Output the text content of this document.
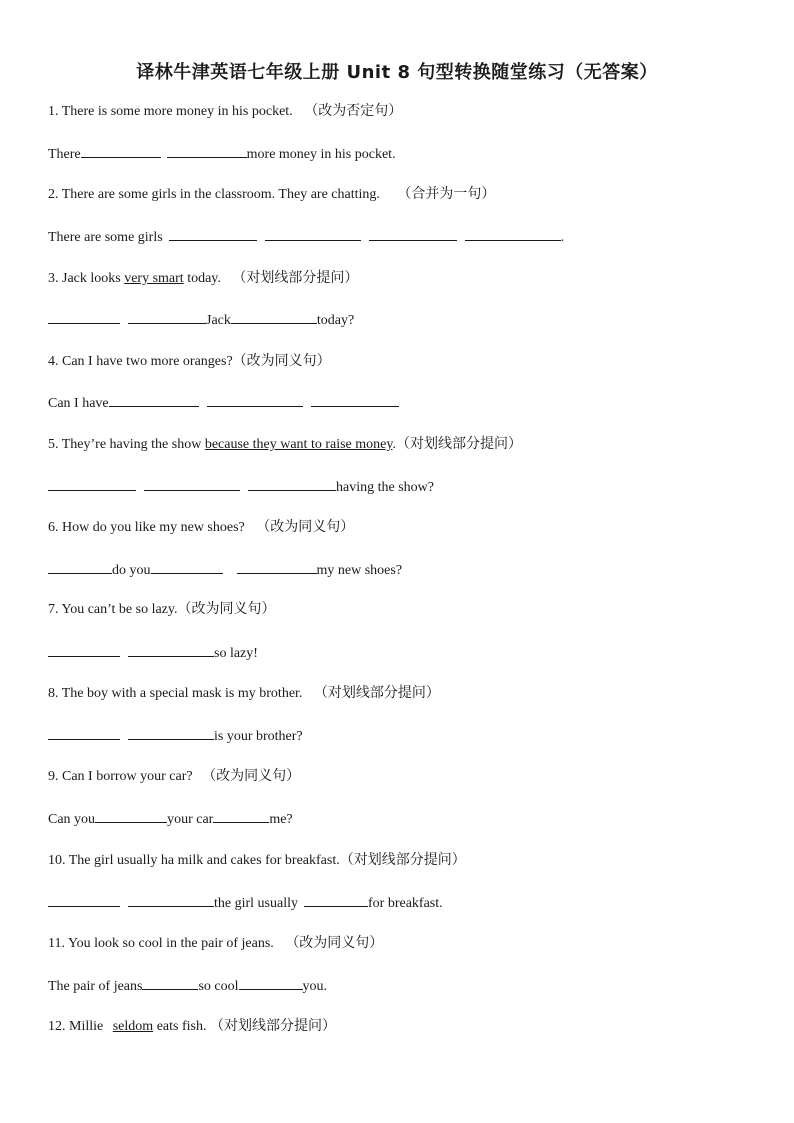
译林牛津英语七年级上册 Unit 8 句型转换随堂练习（无答案）
1. There is some more money in his pocket. （改为否定句）
There	more money in his pocket.
2. There are some girls in the classroom. They are chatting. （合并为一句）
There are some girls	.
3. Jack looks very smart today. （对划线部分提问）
Jack	today?
4. Can I have two more oranges?（改为同义句）
Can I have
5. They’re having the show because they want to raise money.（对划线部分提问）
having the show?
6. How do you like my new shoes? （改为同义句）
do you	my new shoes?
7. You can’t be so lazy.（改为同义句）
so lazy!
8. The boy with a special mask is my brother. （对划线部分提问）
is your brother?
9. Can I borrow your car? （改为同义句）
Can you	your car	me?
10. The girl usually ha milk and cakes for breakfast.（对划线部分提问）
the girl usually	for breakfast.
11. You look so cool in the pair of jeans. （改为同义句）
The pair of jeans	so cool	you.
12. Millie seldom eats fish. （对划线部分提问）
